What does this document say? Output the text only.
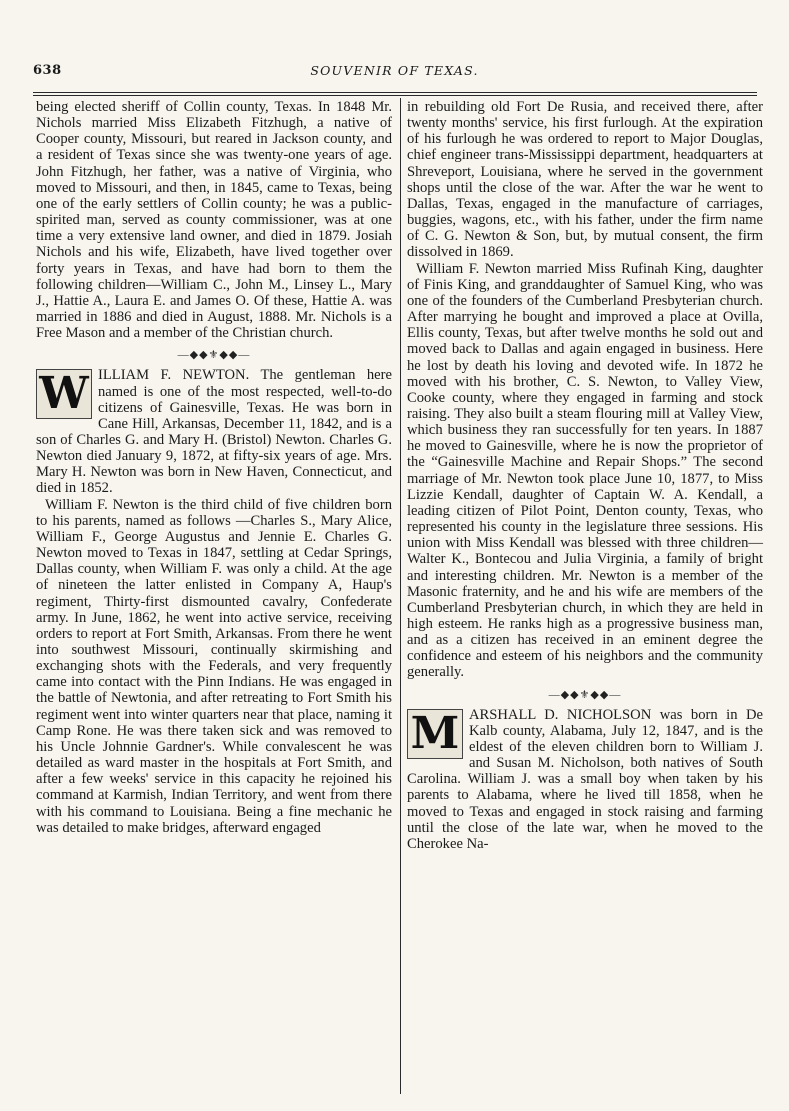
638	SOUVENIR OF TEXAS.

being elected sheriff of Collin county, Texas. In 1848 Mr. Nichols married Miss Elizabeth Fitzhugh, a native of Cooper county, Missouri, but reared in Jackson county, and a resident of Texas since she was twenty-one years of age. John Fitzhugh, her father, was a native of Virginia, who moved to Missouri, and then, in 1845, came to Texas, being one of the early settlers of Collin county; he was a public-spirited man, served as county commissioner, was at one time a very extensive land owner, and died in 1879. Josiah Nichols and his wife, Elizabeth, have lived together over forty years in Texas, and have had born to them the following children—William C., John M., Linsey L., Mary J., Hattie A., Laura E. and James O. Of these, Hattie A. was married in 1886 and died in August, 1888. Mr. Nichols is a Free Mason and a member of the Christian church.

—◆◆⚜◆◆—
W ILLIAM F. NEWTON. The gentleman here named is one of the most respected, well-to-do citizens of Gainesville, Texas. He was born in Cane Hill, Arkansas, December 11, 1842, and is a son of Charles G. and Mary H. (Bristol) Newton. Charles G. Newton died January 9, 1872, at fifty-six years of age. Mrs. Mary H. Newton was born in New Haven, Connecticut, and died in 1852.

William F. Newton is the third child of five children born to his parents, named as follows —Charles S., Mary Alice, William F., George Augustus and Jennie E. Charles G. Newton moved to Texas in 1847, settling at Cedar Springs, Dallas county, when William F. was only a child. At the age of nineteen the latter enlisted in Company A, Haup's regiment, Thirty-first dismounted cavalry, Confederate army. In June, 1862, he went into active service, receiving orders to report at Fort Smith, Arkansas. From there he went into southwest Missouri, continually skirmishing and exchanging shots with the Federals, and very frequently came into contact with the Pinn Indians. He was engaged in the battle of Newtonia, and after retreating to Fort Smith his regiment went into winter quarters near that place, naming it Camp Rone. He was there taken sick and was removed to his Uncle Johnnie Gardner's. While convalescent he was detailed as ward master in the hospitals at Fort Smith, and after a few weeks' service in this capacity he rejoined his command at Karmish, Indian Territory, and went from there with his command to Louisiana. Being a fine mechanic he was detailed to make bridges, afterward engaged

in rebuilding old Fort De Rusia, and received there, after twenty months' service, his first furlough. At the expiration of his furlough he was ordered to report to Major Douglas, chief engineer trans-Mississippi department, headquarters at Shreveport, Louisiana, where he served in the government shops until the close of the war. After the war he went to Dallas, Texas, engaged in the manufacture of carriages, buggies, wagons, etc., with his father, under the firm name of C. G. Newton & Son, but, by mutual consent, the firm dissolved in 1869.

William F. Newton married Miss Rufinah King, daughter of Finis King, and granddaughter of Samuel King, who was one of the founders of the Cumberland Presbyterian church. After marrying he bought and improved a place at Ovilla, Ellis county, Texas, but after twelve months he sold out and moved back to Dallas and again engaged in business. Here he lost by death his loving and devoted wife. In 1872 he moved with his brother, C. S. Newton, to Valley View, Cooke county, where they engaged in farming and stock raising. They also built a steam flouring mill at Valley View, which business they ran successfully for ten years. In 1887 he moved to Gainesville, where he is now the proprietor of the “Gainesville Machine and Repair Shops.” The second marriage of Mr. Newton took place June 10, 1877, to Miss Lizzie Kendall, daughter of Captain W. A. Kendall, a leading citizen of Pilot Point, Denton county, Texas, who represented his county in the legislature three sessions. His union with Miss Kendall was blessed with three children—Walter K., Bontecou and Julia Virginia, a family of bright and interesting children. Mr. Newton is a member of the Masonic fraternity, and he and his wife are members of the Cumberland Presbyterian church, in which they are held in high esteem. He ranks high as a progressive business man, and as a citizen has received in an eminent degree the confidence and esteem of his neighbors and the community generally.

—◆◆⚜◆◆—
M ARSHALL D. NICHOLSON was born in De Kalb county, Alabama, July 12, 1847, and is the eldest of the eleven children born to William J. and Susan M. Nicholson, both natives of South Carolina. William J. was a small boy when taken by his parents to Alabama, where he lived till 1858, when he moved to Texas and engaged in stock raising and farming until the close of the late war, when he moved to the Cherokee Na-
